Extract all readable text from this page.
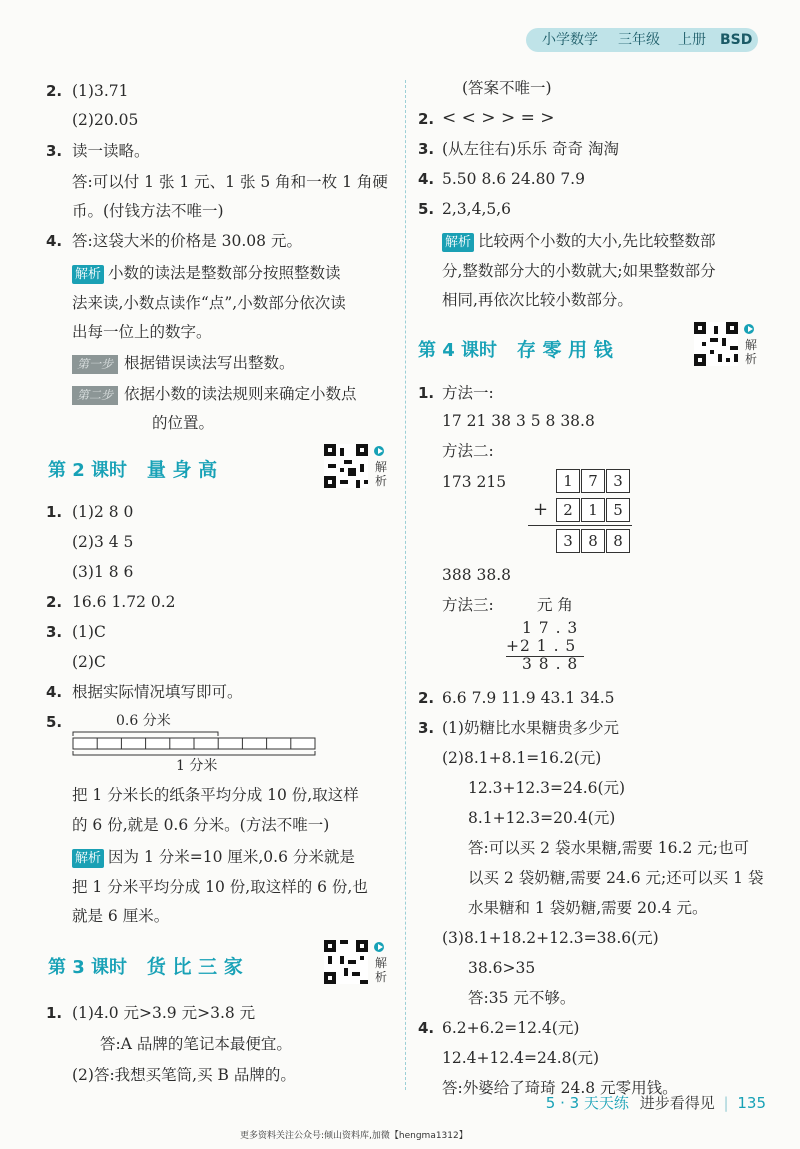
小学数学 三年级 上册 BSD
2. (1)3.71
(2)20.05
3. 读一读略。
答:可以付 1 张 1 元、1 张 5 角和一枚 1 角硬
币。(付钱方法不唯一)
4. 答:这袋大米的价格是 30.08 元。
解析 小数的读法是整数部分按照整数读
法来读,小数点读作“点”,小数部分依次读
出每一位上的数字。
第一步 根据错误读法写出整数。
第二步 依据小数的读法规则来确定小数点
的位置。
第 2 课时 量 身 高	解析
1. (1)2 8 0
(2)3 4 5
(3)1 8 6
2. 16.6 1.72 0.2
3. (1)C
(2)C
4. 根据实际情况填写即可。
5.	0.6 分米
1 分米
把 1 分米长的纸条平均分成 10 份,取这样
的 6 份,就是 0.6 分米。(方法不唯一)
解析 因为 1 分米=10 厘米,0.6 分米就是
把 1 分米平均分成 10 份,取这样的 6 份,也
就是 6 厘米。
第 3 课时 货 比 三 家	解析
1. (1)4.0 元>3.9 元>3.8 元
答:A 品牌的笔记本最便宜。
(2)答:我想买笔筒,买 B 品牌的。
(答案不唯一)
2. < < > > = >
3. (从左往右)乐乐 奇奇 淘淘
4. 5.50 8.6 24.80 7.9
5. 2,3,4,5,6
解析 比较两个小数的大小,先比较整数部
分,整数部分大的小数就大;如果整数部分
相同,再依次比较小数部分。
第 4 课时 存 零 用 钱	解析
1. 方法一:
17 21 38 3 5 8 38.8
方法二:
173 215	1	7	3
+	2	1	5
3	8	8
388 38.8
方法三:	元 角
1 7 . 3
+2 1 . 5
3 8 . 8
2. 6.6 7.9 11.9 43.1 34.5
3. (1)奶糖比水果糖贵多少元
(2)8.1+8.1=16.2(元)
12.3+12.3=24.6(元)
8.1+12.3=20.4(元)
答:可以买 2 袋水果糖,需要 16.2 元;也可
以买 2 袋奶糖,需要 24.6 元;还可以买 1 袋
水果糖和 1 袋奶糖,需要 20.4 元。
(3)8.1+18.2+12.3=38.6(元)
38.6>35
答:35 元不够。
4. 6.2+6.2=12.4(元)
12.4+12.4=24.8(元)
答:外婆给了琦琦 24.8 元零用钱。
5 · 3 天天练 进步看得见 | 135
更多资料关注公众号:倾山资料库,加微【hengma1312】
